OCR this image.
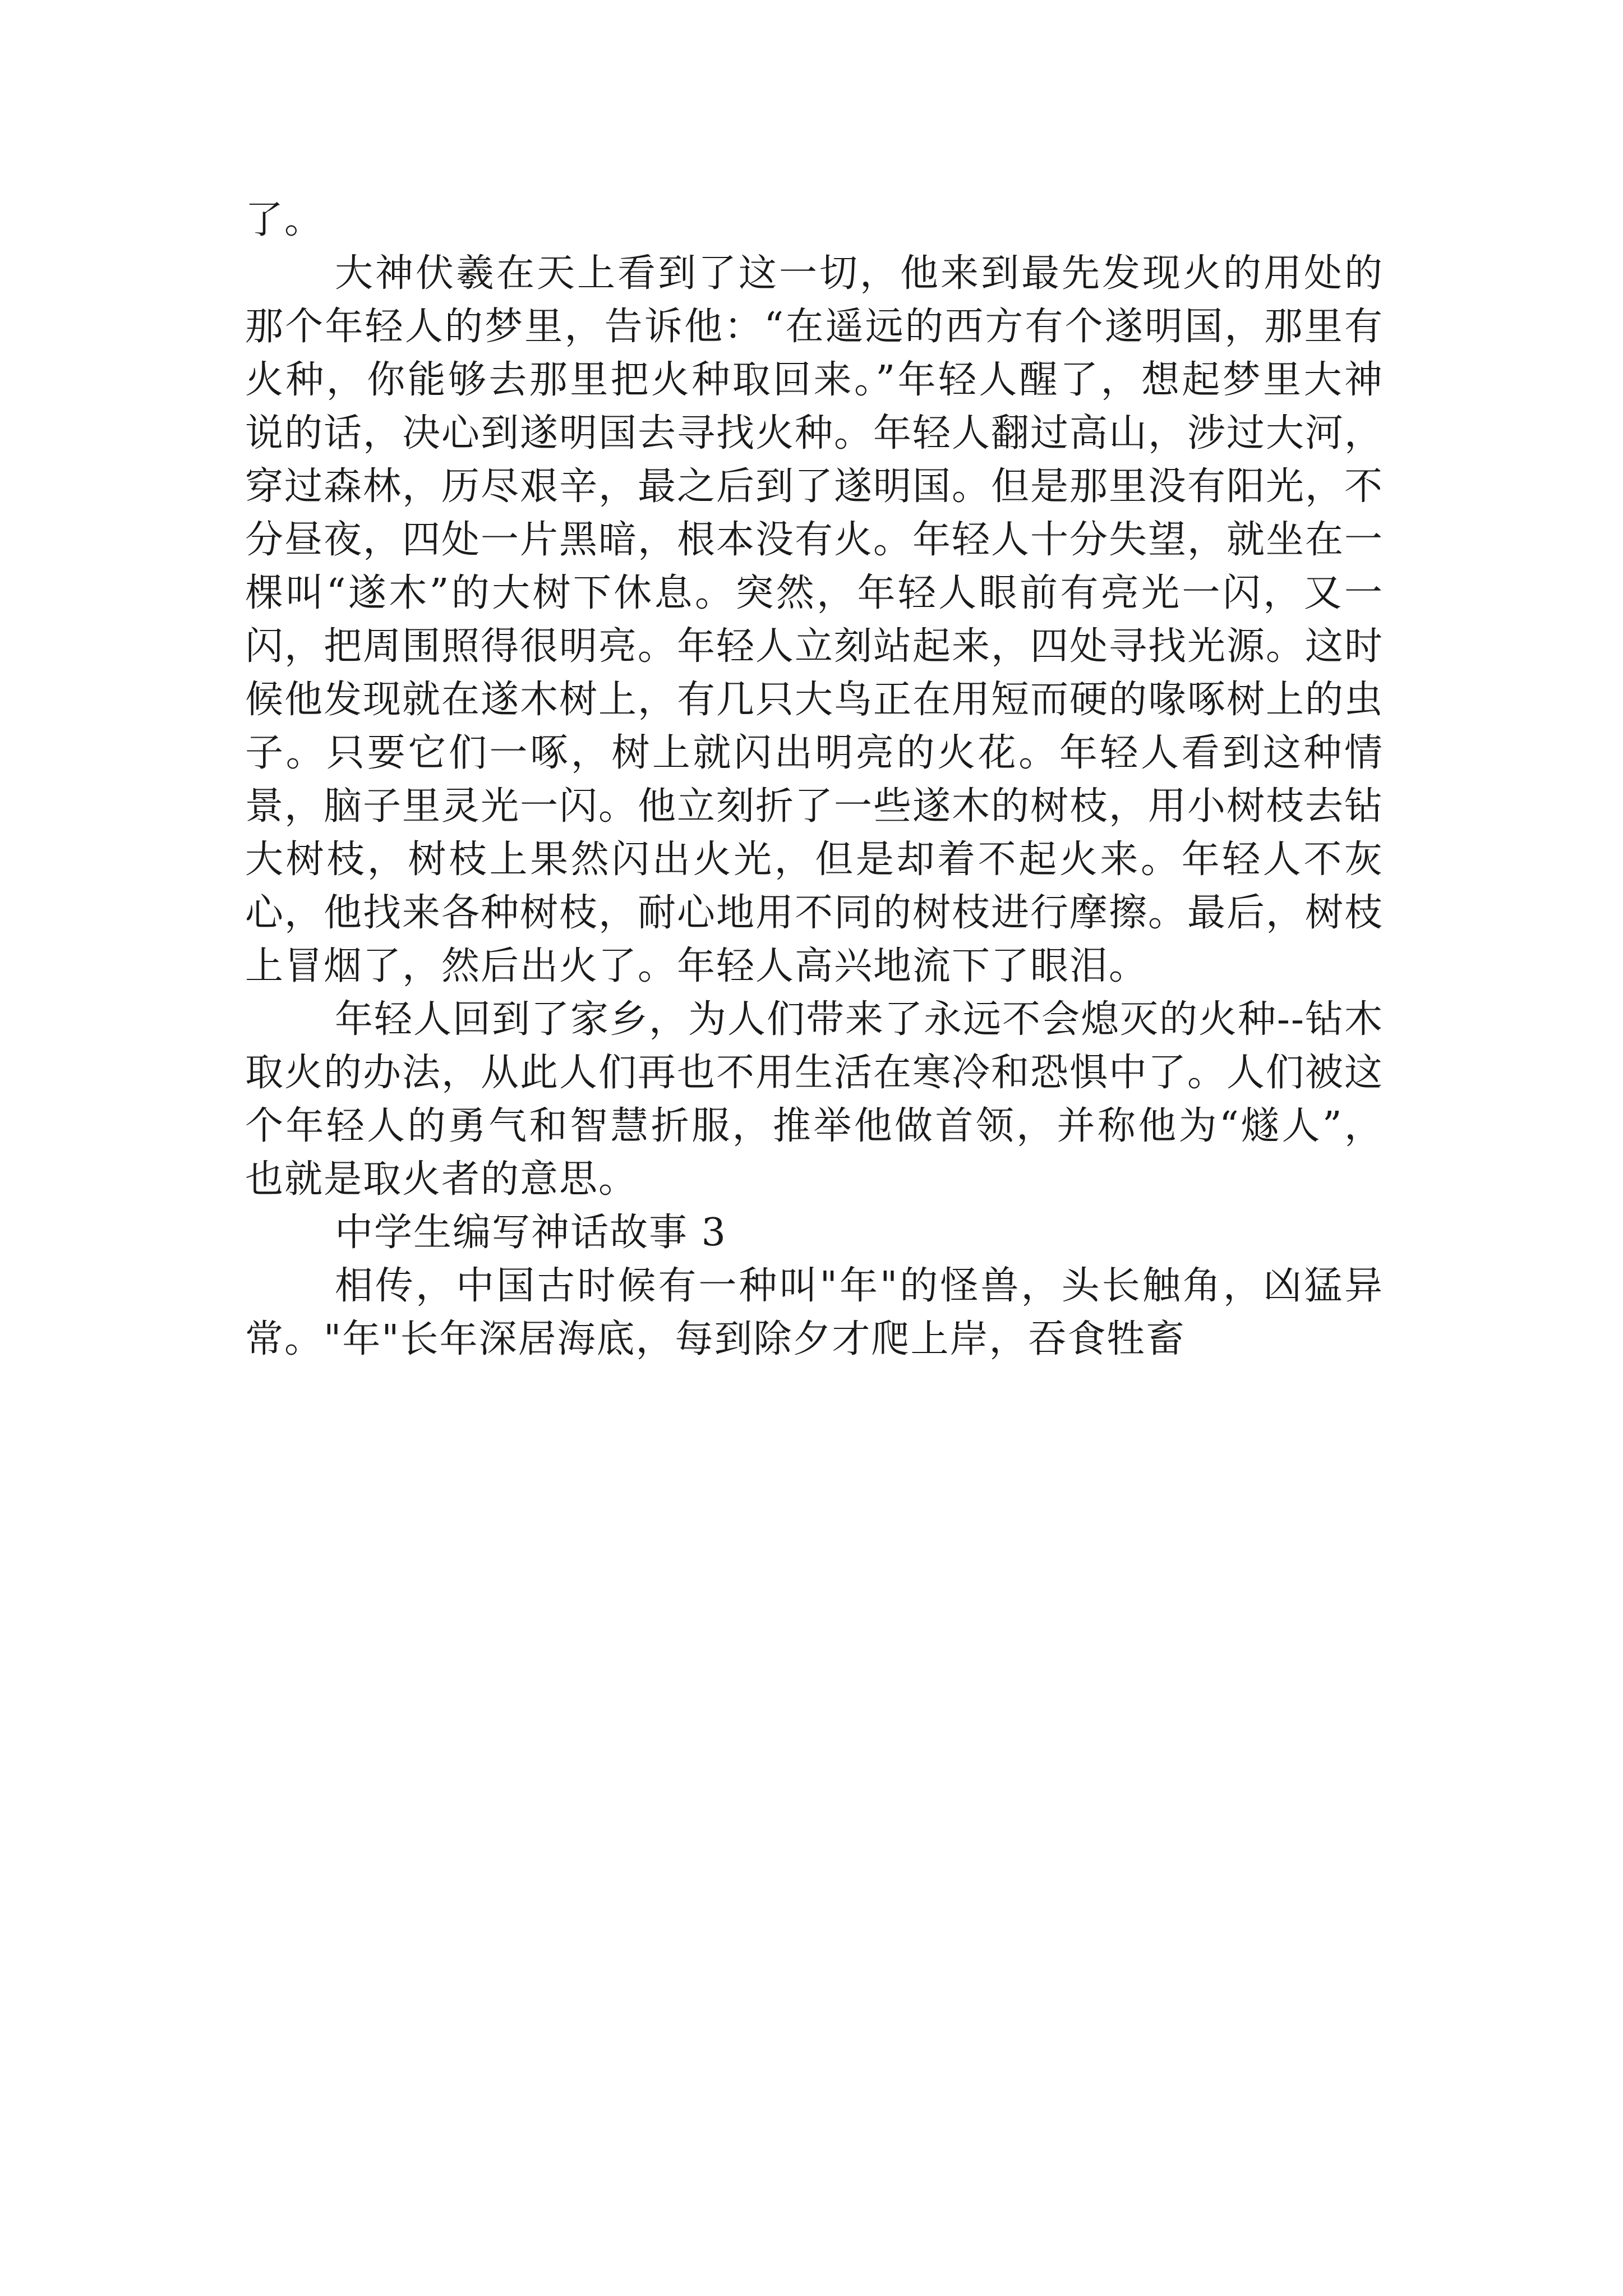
了。

大神伏羲在天上看到了这一切，他来到最先发现火的用处的那个年轻人的梦里，告诉他：“在遥远的西方有个遂明国，那里有火种，你能够去那里把火种取回来。”年轻人醒了，想起梦里大神说的话，决心到遂明国去寻找火种。年轻人翻过高山，涉过大河，穿过森林，历尽艰辛，最之后到了遂明国。但是那里没有阳光，不分昼夜，四处一片黑暗，根本没有火。年轻人十分失望，就坐在一棵叫“遂木”的大树下休息。突然，年轻人眼前有亮光一闪，又一闪，把周围照得很明亮。年轻人立刻站起来，四处寻找光源。这时候他发现就在遂木树上，有几只大鸟正在用短而硬的喙啄树上的虫子。只要它们一啄，树上就闪出明亮的火花。年轻人看到这种情景，脑子里灵光一闪。他立刻折了一些遂木的树枝，用小树枝去钻大树枝，树枝上果然闪出火光，但是却着不起火来。年轻人不灰心，他找来各种树枝，耐心地用不同的树枝进行摩擦。最后，树枝上冒烟了，然后出火了。年轻人高兴地流下了眼泪。

年轻人回到了家乡，为人们带来了永远不会熄灭的火种--钻木取火的办法，从此人们再也不用生活在寒冷和恐惧中了。人们被这个年轻人的勇气和智慧折服，推举他做首领，并称他为“燧人”，也就是取火者的意思。

中学生编写神话故事 3

相传，中国古时候有一种叫"年"的怪兽，头长触角，凶猛异常。"年"长年深居海底，每到除夕才爬上岸，吞食牲畜
